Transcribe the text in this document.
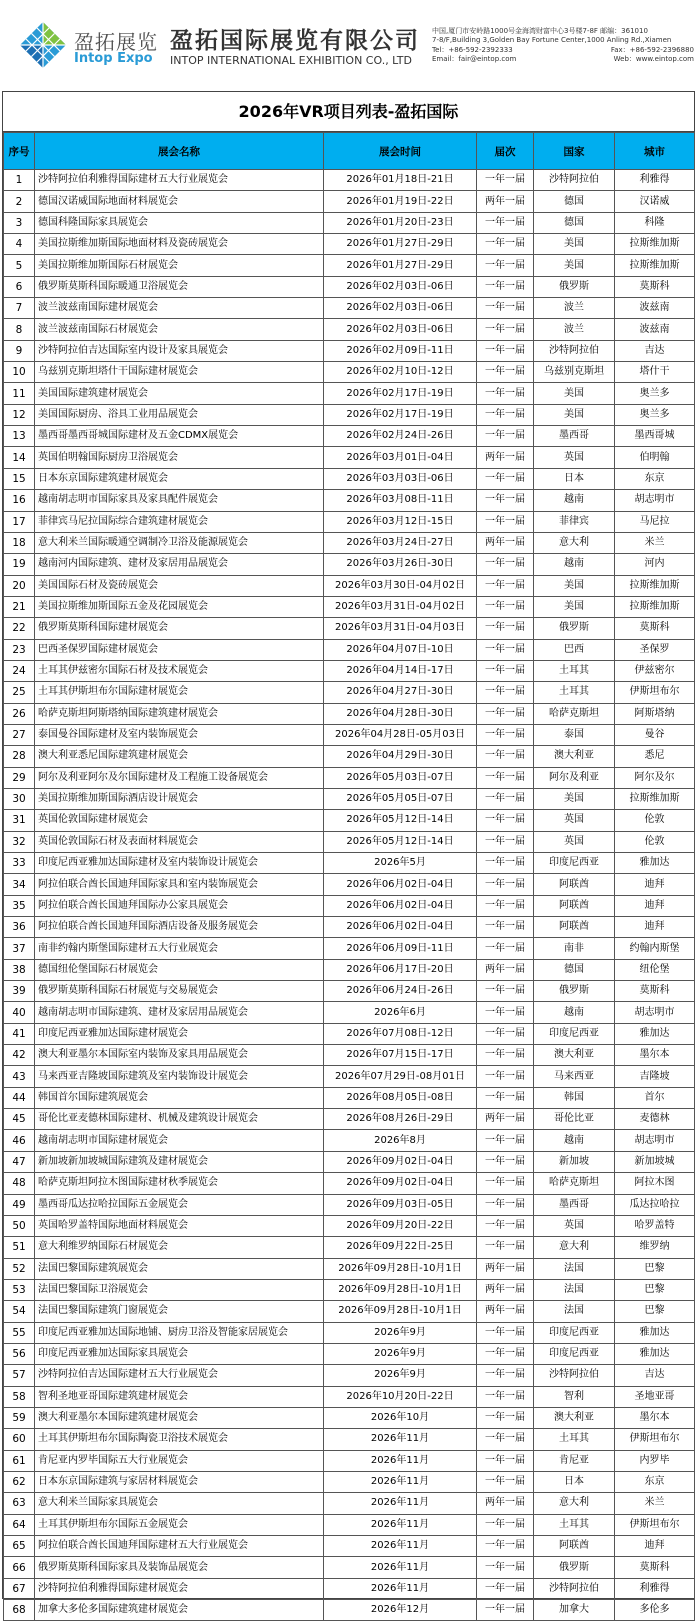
盈拓展览
Intop Expo
盈拓国际展览有限公司
INTOP INTERNATIONAL EXHIBITION CO., LTD
中国,厦门市安岭路1000号金海湾财富中心3号楼7-8F 邮编：361010
7-8/F,Building 3,Golden Bay Fortune Center,1000 Anling Rd.,Xiamen
Tel：+86-592-2392333	Fax：+86-592-2396880
Email：fair@eintop.com	Web：www.eintop.com
2026年VR项目列表-盈拓国际
序号	展会名称	展会时间	届次	国家	城市
1	沙特阿拉伯利雅得国际建材五大行业展览会	2026年01月18日-21日	一年一届	沙特阿拉伯	利雅得
2	德国汉诺威国际地面材料展览会	2026年01月19日-22日	两年一届	德国	汉诺威
3	德国科隆国际家具展览会	2026年01月20日-23日	一年一届	德国	科隆
4	美国拉斯维加斯国际地面材料及瓷砖展览会	2026年01月27日-29日	一年一届	美国	拉斯维加斯
5	美国拉斯维加斯国际石材展览会	2026年01月27日-29日	一年一届	美国	拉斯维加斯
6	俄罗斯莫斯科国际暖通卫浴展览会	2026年02月03日-06日	一年一届	俄罗斯	莫斯科
7	波兰波兹南国际建材展览会	2026年02月03日-06日	一年一届	波兰	波兹南
8	波兰波兹南国际石材展览会	2026年02月03日-06日	一年一届	波兰	波兹南
9	沙特阿拉伯吉达国际室内设计及家具展览会	2026年02月09日-11日	一年一届	沙特阿拉伯	吉达
10	乌兹别克斯坦塔什干国际建材展览会	2026年02月10日-12日	一年一届	乌兹别克斯坦	塔什干
11	美国国际建筑建材展览会	2026年02月17日-19日	一年一届	美国	奥兰多
12	美国国际厨房、浴具工业用品展览会	2026年02月17日-19日	一年一届	美国	奥兰多
13	墨西哥墨西哥城国际建材及五金CDMX展览会	2026年02月24日-26日	一年一届	墨西哥	墨西哥城
14	英国伯明翰国际厨房卫浴展览会	2026年03月01日-04日	两年一届	英国	伯明翰
15	日本东京国际建筑建材展览会	2026年03月03日-06日	一年一届	日本	东京
16	越南胡志明市国际家具及家具配件展览会	2026年03月08日-11日	一年一届	越南	胡志明市
17	菲律宾马尼拉国际综合建筑建材展览会	2026年03月12日-15日	一年一届	菲律宾	马尼拉
18	意大利米兰国际暖通空调制冷卫浴及能源展览会	2026年03月24日-27日	两年一届	意大利	米兰
19	越南河内国际建筑、建材及家居用品展览会	2026年03月26日-30日	一年一届	越南	河内
20	美国国际石材及瓷砖展览会	2026年03月30日-04月02日	一年一届	美国	拉斯维加斯
21	美国拉斯维加斯国际五金及花园展览会	2026年03月31日-04月02日	一年一届	美国	拉斯维加斯
22	俄罗斯莫斯科国际建材展览会	2026年03月31日-04月03日	一年一届	俄罗斯	莫斯科
23	巴西圣保罗国际建材展览会	2026年04月07日-10日	一年一届	巴西	圣保罗
24	土耳其伊兹密尔国际石材及技术展览会	2026年04月14日-17日	一年一届	土耳其	伊兹密尔
25	土耳其伊斯坦布尔国际建材展览会	2026年04月27日-30日	一年一届	土耳其	伊斯坦布尔
26	哈萨克斯坦阿斯塔纳国际建筑建材展览会	2026年04月28日-30日	一年一届	哈萨克斯坦	阿斯塔纳
27	泰国曼谷国际建材及室内装饰展览会	2026年04月28日-05月03日	一年一届	泰国	曼谷
28	澳大利亚悉尼国际建筑建材展览会	2026年04月29日-30日	一年一届	澳大利亚	悉尼
29	阿尔及利亚阿尔及尔国际建材及工程施工设备展览会	2026年05月03日-07日	一年一届	阿尔及利亚	阿尔及尔
30	美国拉斯维加斯国际酒店设计展览会	2026年05月05日-07日	一年一届	美国	拉斯维加斯
31	英国伦敦国际建材展览会	2026年05月12日-14日	一年一届	英国	伦敦
32	英国伦敦国际石材及表面材料展览会	2026年05月12日-14日	一年一届	英国	伦敦
33	印度尼西亚雅加达国际建材及室内装饰设计展览会	2026年5月	一年一届	印度尼西亚	雅加达
34	阿拉伯联合酋长国迪拜国际家具和室内装饰展览会	2026年06月02日-04日	一年一届	阿联酋	迪拜
35	阿拉伯联合酋长国迪拜国际办公家具展览会	2026年06月02日-04日	一年一届	阿联酋	迪拜
36	阿拉伯联合酋长国迪拜国际酒店设备及服务展览会	2026年06月02日-04日	一年一届	阿联酋	迪拜
37	南非约翰内斯堡国际建材五大行业展览会	2026年06月09日-11日	一年一届	南非	约翰内斯堡
38	德国纽伦堡国际石材展览会	2026年06月17日-20日	两年一届	德国	纽伦堡
39	俄罗斯莫斯科国际石材展览与交易展览会	2026年06月24日-26日	一年一届	俄罗斯	莫斯科
40	越南胡志明市国际建筑、建材及家居用品展览会	2026年6月	一年一届	越南	胡志明市
41	印度尼西亚雅加达国际建材展览会	2026年07月08日-12日	一年一届	印度尼西亚	雅加达
42	澳大利亚墨尔本国际室内装饰及家具用品展览会	2026年07月15日-17日	一年一届	澳大利亚	墨尔本
43	马来西亚吉隆坡国际建筑及室内装饰设计展览会	2026年07月29日-08月01日	一年一届	马来西亚	吉隆坡
44	韩国首尔国际建筑展览会	2026年08月05日-08日	一年一届	韩国	首尔
45	哥伦比亚麦德林国际建材、机械及建筑设计展览会	2026年08月26日-29日	两年一届	哥伦比亚	麦德林
46	越南胡志明市国际建材展览会	2026年8月	一年一届	越南	胡志明市
47	新加坡新加坡城国际建筑及建材展览会	2026年09月02日-04日	一年一届	新加坡	新加坡城
48	哈萨克斯坦阿拉木图国际建材秋季展览会	2026年09月02日-04日	一年一届	哈萨克斯坦	阿拉木图
49	墨西哥瓜达拉哈拉国际五金展览会	2026年09月03日-05日	一年一届	墨西哥	瓜达拉哈拉
50	英国哈罗盖特国际地面材料展览会	2026年09月20日-22日	一年一届	英国	哈罗盖特
51	意大利维罗纳国际石材展览会	2026年09月22日-25日	一年一届	意大利	维罗纳
52	法国巴黎国际建筑展览会	2026年09月28日-10月1日	两年一届	法国	巴黎
53	法国巴黎国际卫浴展览会	2026年09月28日-10月1日	两年一届	法国	巴黎
54	法国巴黎国际建筑门窗展览会	2026年09月28日-10月1日	两年一届	法国	巴黎
55	印度尼西亚雅加达国际地铺、厨房卫浴及智能家居展览会	2026年9月	一年一届	印度尼西亚	雅加达
56	印度尼西亚雅加达国际家具展览会	2026年9月	一年一届	印度尼西亚	雅加达
57	沙特阿拉伯吉达国际建材五大行业展览会	2026年9月	一年一届	沙特阿拉伯	吉达
58	智利圣地亚哥国际建筑建材展览会	2026年10月20日-22日	一年一届	智利	圣地亚哥
59	澳大利亚墨尔本国际建筑建材展览会	2026年10月	一年一届	澳大利亚	墨尔本
60	土耳其伊斯坦布尔国际陶瓷卫浴技术展览会	2026年11月	一年一届	土耳其	伊斯坦布尔
61	肯尼亚内罗毕国际五大行业展览会	2026年11月	一年一届	肯尼亚	内罗毕
62	日本东京国际建筑与家居材料展览会	2026年11月	一年一届	日本	东京
63	意大利米兰国际家具展览会	2026年11月	两年一届	意大利	米兰
64	土耳其伊斯坦布尔国际五金展览会	2026年11月	一年一届	土耳其	伊斯坦布尔
65	阿拉伯联合酋长国迪拜国际建材五大行业展览会	2026年11月	一年一届	阿联酋	迪拜
66	俄罗斯莫斯科国际家具及装饰品展览会	2026年11月	一年一届	俄罗斯	莫斯科
67	沙特阿拉伯利雅得国际建材展览会	2026年11月	一年一届	沙特阿拉伯	利雅得
68	加拿大多伦多国际建筑建材展览会	2026年12月	一年一届	加拿大	多伦多
